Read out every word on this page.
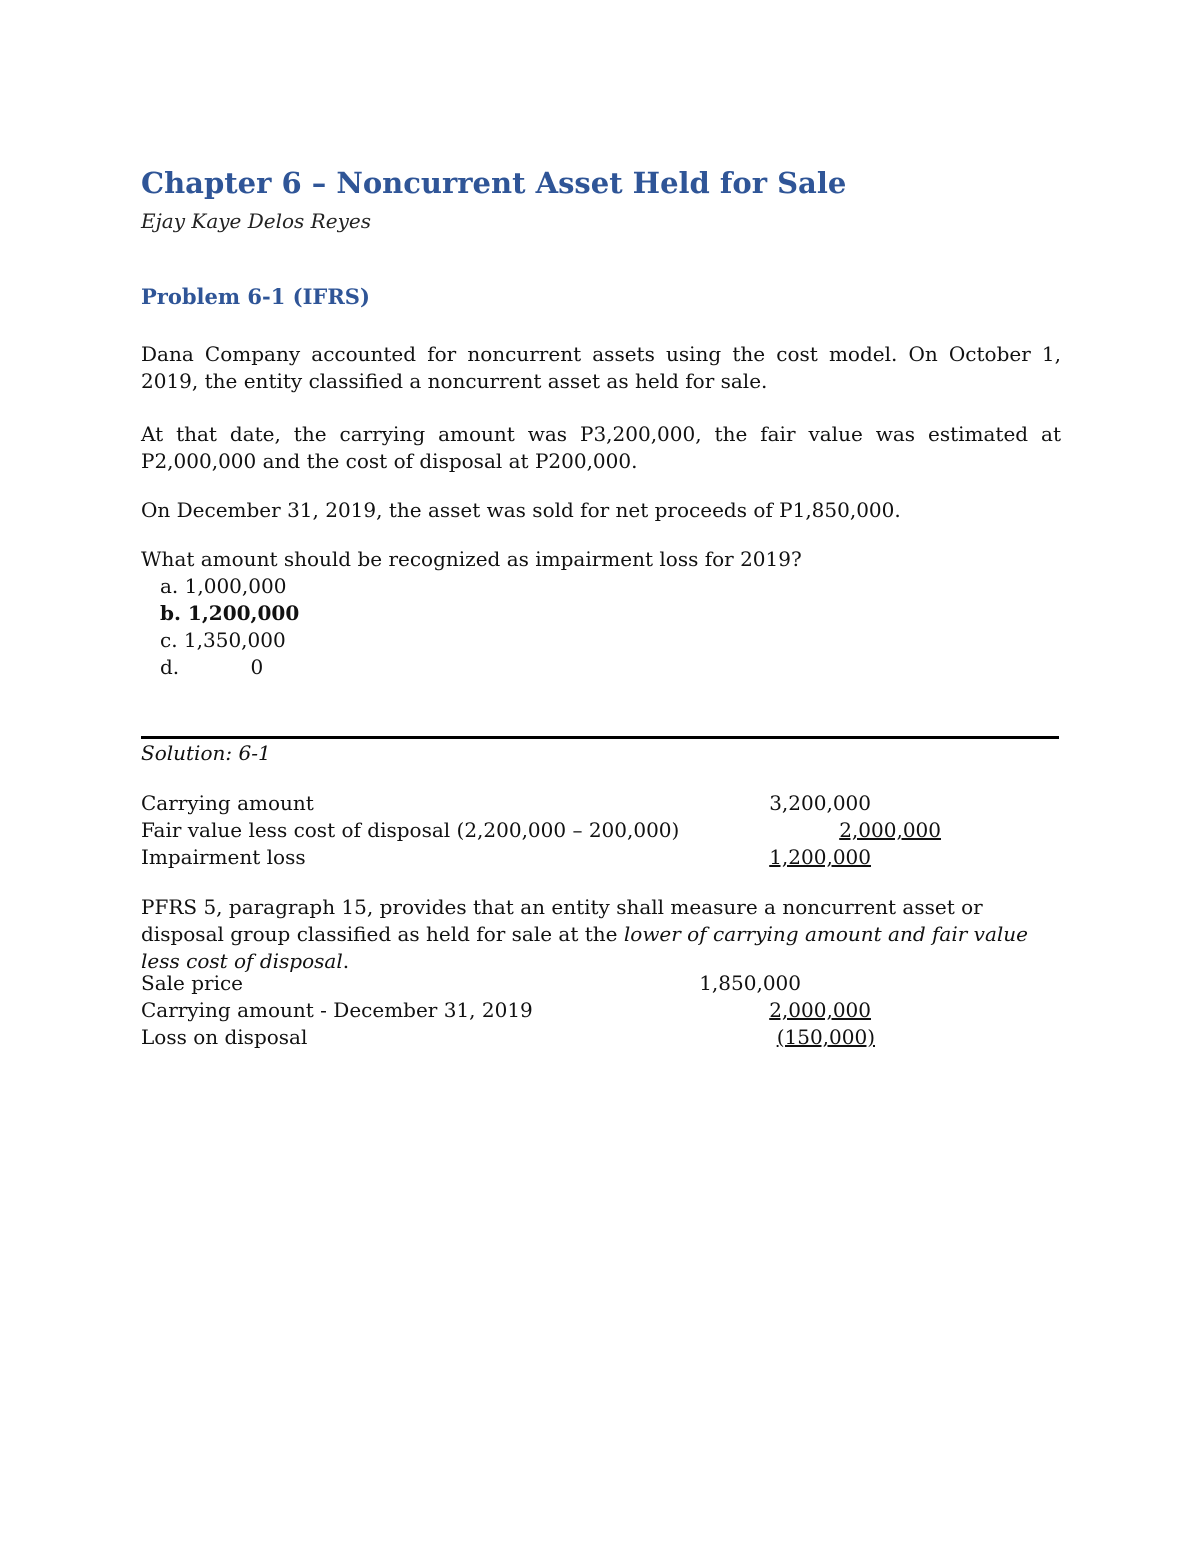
Chapter 6 – Noncurrent Asset Held for Sale
Ejay Kaye Delos Reyes
Problem 6-1 (IFRS)
Dana Company accounted for noncurrent assets using the cost model. On October 1, 2019, the entity classified a noncurrent asset as held for sale.
At that date, the carrying amount was P3,200,000, the fair value was estimated at P2,000,000 and the cost of disposal at P200,000.
On December 31, 2019, the asset was sold for net proceeds of P1,850,000.
What amount should be recognized as impairment loss for 2019?
a. 1,000,000
b. 1,200,000
c. 1,350,000
d.	0
Solution: 6-1
Carrying amount	3,200,000
Fair value less cost of disposal (2,200,000 – 200,000)	2,000,000
Impairment loss	1,200,000
PFRS 5, paragraph 15, provides that an entity shall measure a noncurrent asset or disposal group classified as held for sale at the lower of carrying amount and fair value less cost of disposal.
Sale price	1,850,000
Carrying amount - December 31, 2019	2,000,000
Loss on disposal	(150,000)
